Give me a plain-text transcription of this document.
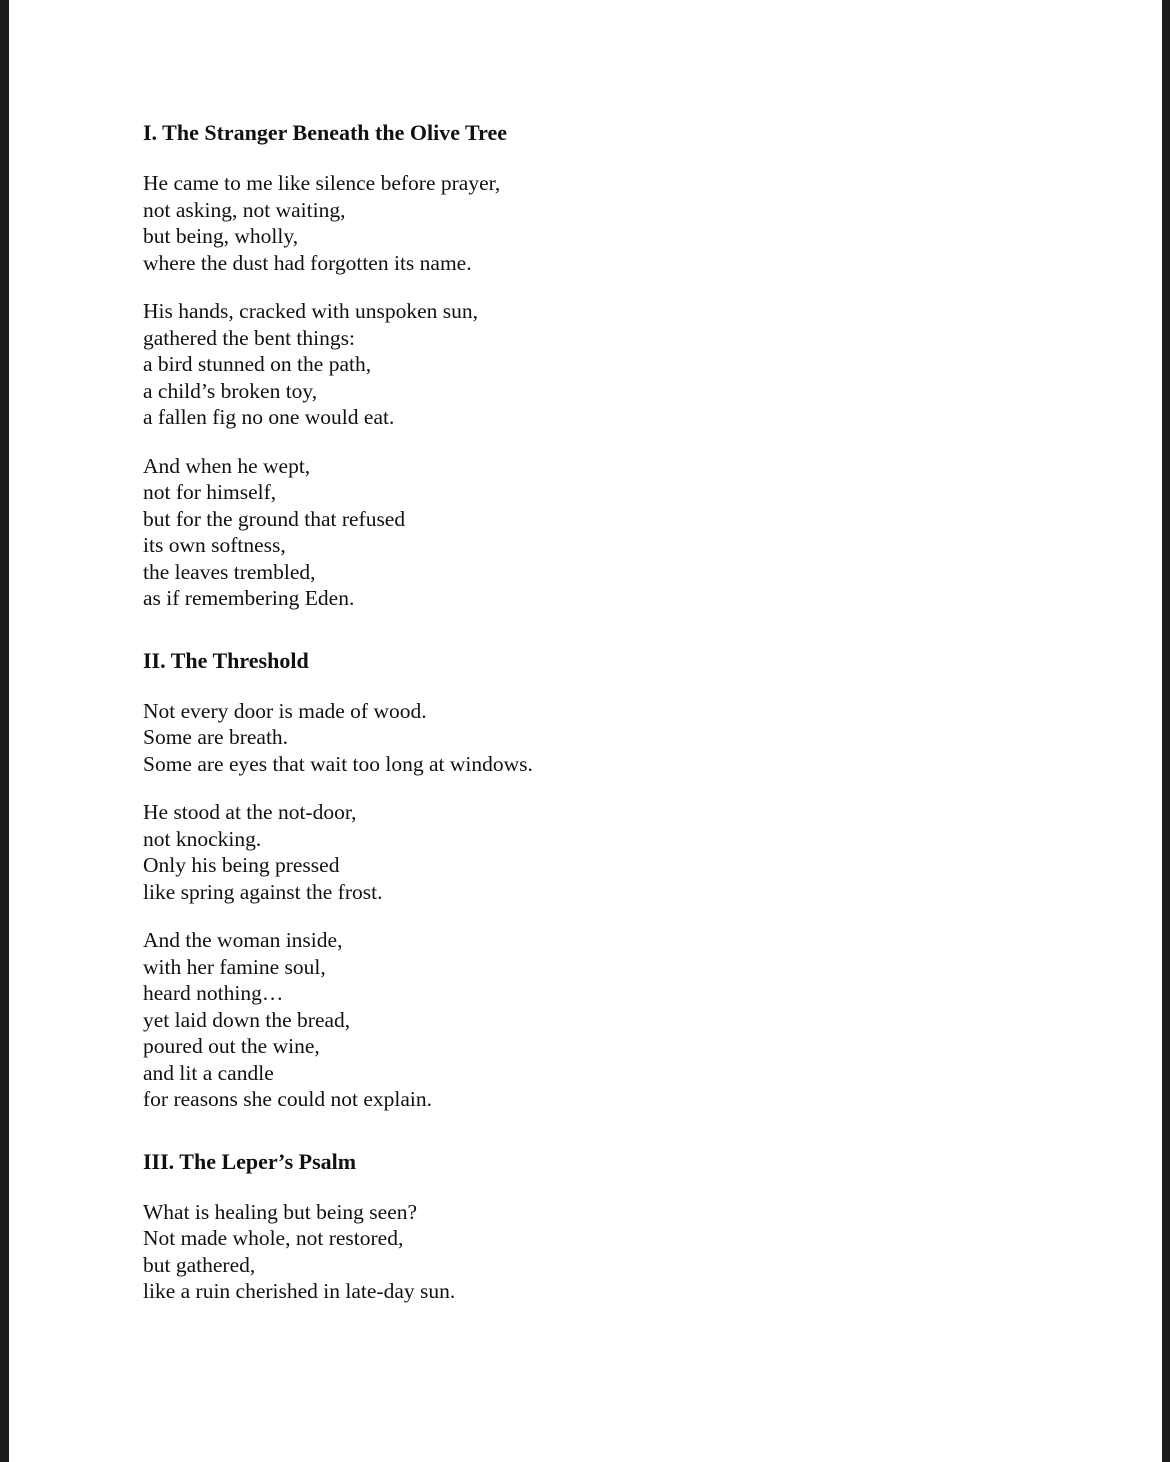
I. The Stranger Beneath the Olive Tree
He came to me like silence before prayer,
not asking, not waiting,
but being, wholly,
where the dust had forgotten its name.
His hands, cracked with unspoken sun,
gathered the bent things:
a bird stunned on the path,
a child’s broken toy,
a fallen fig no one would eat.
And when he wept,
not for himself,
but for the ground that refused
its own softness,
the leaves trembled,
as if remembering Eden.
II. The Threshold
Not every door is made of wood.
Some are breath.
Some are eyes that wait too long at windows.
He stood at the not-door,
not knocking.
Only his being pressed
like spring against the frost.
And the woman inside,
with her famine soul,
heard nothing…
yet laid down the bread,
poured out the wine,
and lit a candle
for reasons she could not explain.
III. The Leper’s Psalm
What is healing but being seen?
Not made whole, not restored,
but gathered,
like a ruin cherished in late-day sun.
